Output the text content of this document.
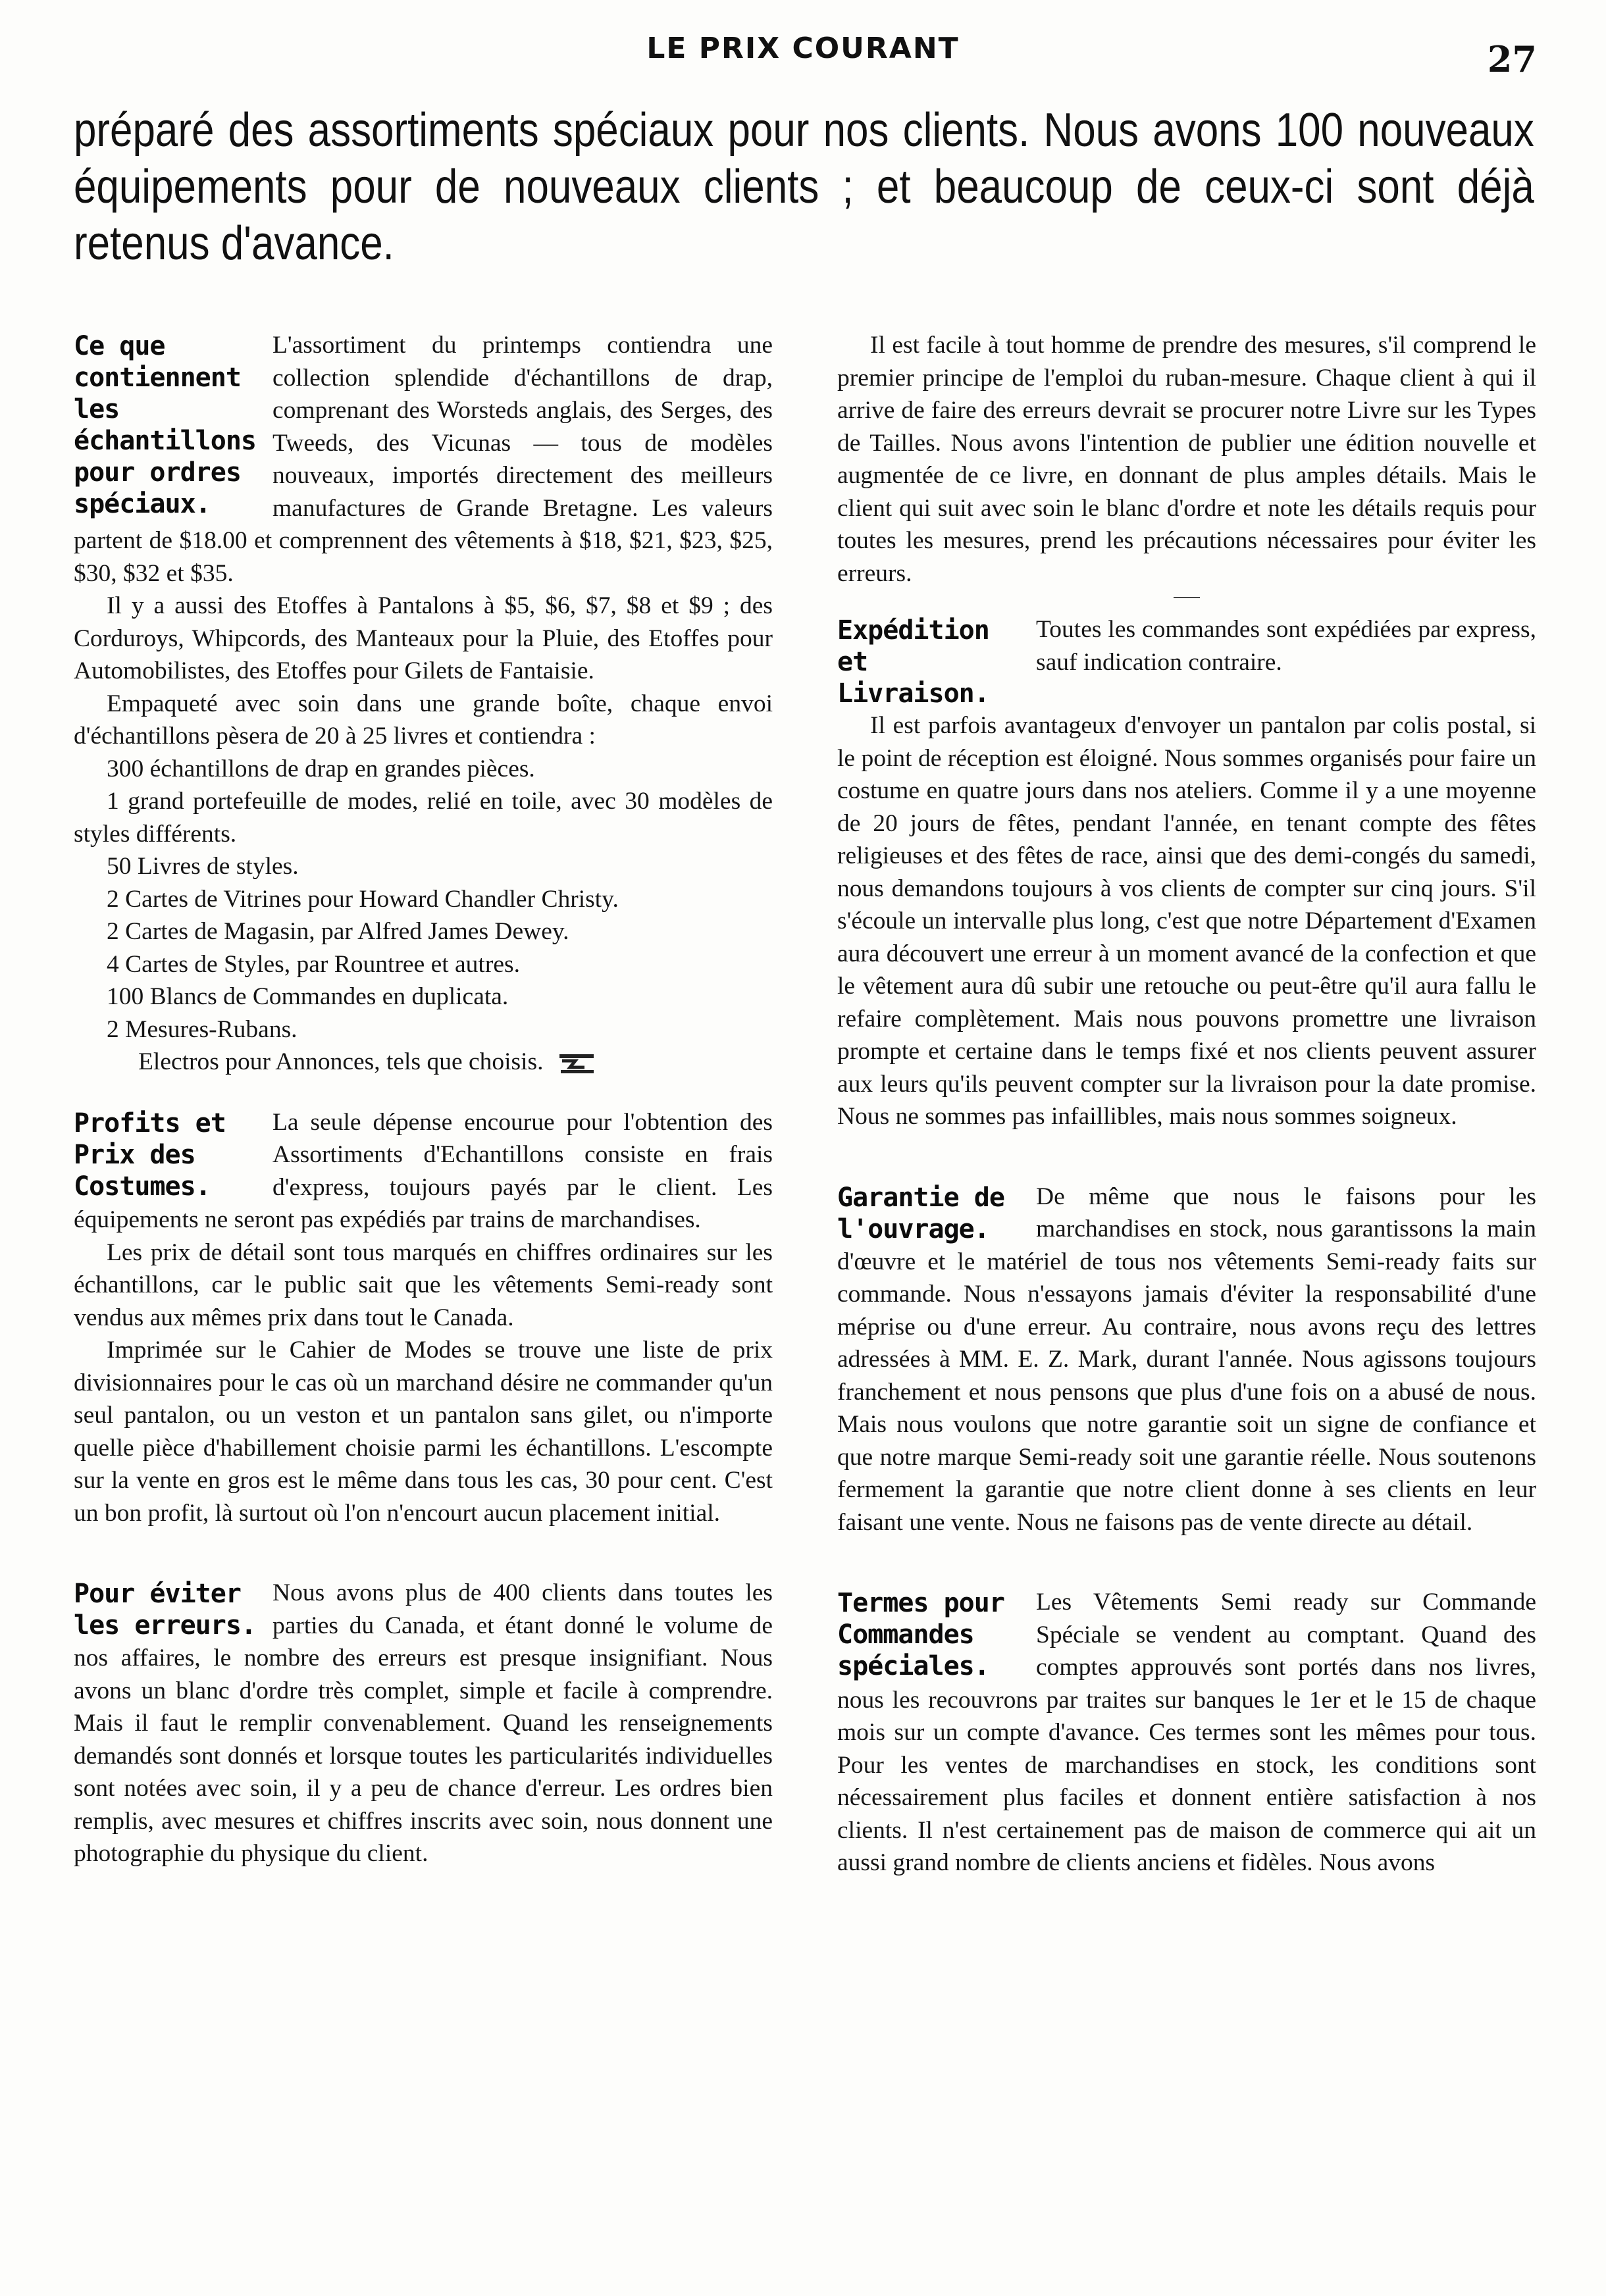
LE PRIX COURANT	27
préparé des assortiments spéciaux pour nos clients. Nous avons 100 nouveaux équipements pour de nouveaux clients ; et beaucoup de ceux-ci sont déjà retenus d'avance.
Ce que contiennent les échantillons pour ordres spéciaux.

L'assortiment du printemps contiendra une collection splendide d'échantillons de drap, comprenant des Worsteds anglais, des Serges, des Tweeds, des Vicunas — tous de modèles nouveaux, importés directement des meilleurs manufactures de Grande Bretagne. Les valeurs partent de $18.00 et comprennent des vêtements à $18, $21, $23, $25, $30, $32 et $35.

Il y a aussi des Etoffes à Pantalons à $5, $6, $7, $8 et $9 ; des Corduroys, Whipcords, des Manteaux pour la Pluie, des Etoffes pour Automobilistes, des Etoffes pour Gilets de Fantaisie.

Empaqueté avec soin dans une grande boîte, chaque envoi d'échantillons pèsera de 20 à 25 livres et contiendra :

300 échantillons de drap en grandes pièces.

1 grand portefeuille de modes, relié en toile, avec 30 modèles de styles différents.

50 Livres de styles.

2 Cartes de Vitrines pour Howard Chandler Christy.

2 Cartes de Magasin, par Alfred James Dewey.

4 Cartes de Styles, par Rountree et autres.

100 Blancs de Commandes en duplicata.

2 Mesures-Rubans.

Electros pour Annonces, tels que choisis.

Profits et Prix des Costumes.

La seule dépense encourue pour l'obtention des Assortiments d'Echantillons consiste en frais d'express, toujours payés par le client. Les équipements ne seront pas expédiés par trains de marchandises.

Les prix de détail sont tous marqués en chiffres ordinaires sur les échantillons, car le public sait que les vêtements Semi-ready sont vendus aux mêmes prix dans tout le Canada.

Imprimée sur le Cahier de Modes se trouve une liste de prix divisionnaires pour le cas où un marchand désire ne commander qu'un seul pantalon, ou un veston et un pantalon sans gilet, ou n'importe quelle pièce d'habillement choisie parmi les échantillons. L'escompte sur la vente en gros est le même dans tous les cas, 30 pour cent. C'est un bon profit, là surtout où l'on n'encourt aucun placement initial.

Pour éviter les erreurs.

Nous avons plus de 400 clients dans toutes les parties du Canada, et étant donné le volume de nos affaires, le nombre des erreurs est presque insignifiant. Nous avons un blanc d'ordre très complet, simple et facile à comprendre. Mais il faut le remplir convenablement. Quand les renseignements demandés sont donnés et lorsque toutes les particularités individuelles sont notées avec soin, il y a peu de chance d'erreur. Les ordres bien remplis, avec mesures et chiffres inscrits avec soin, nous donnent une photographie du physique du client.

Il est facile à tout homme de prendre des mesures, s'il comprend le premier principe de l'emploi du ruban-mesure. Chaque client à qui il arrive de faire des erreurs devrait se procurer notre Livre sur les Types de Tailles. Nous avons l'intention de publier une édition nouvelle et augmentée de ce livre, en donnant de plus amples détails. Mais le client qui suit avec soin le blanc d'ordre et note les détails requis pour toutes les mesures, prend les précautions nécessaires pour éviter les erreurs.

Expédition et Livraison.

Toutes les commandes sont expédiées par express, sauf indication contraire.

Il est parfois avantageux d'envoyer un pantalon par colis postal, si le point de réception est éloigné. Nous sommes organisés pour faire un costume en quatre jours dans nos ateliers. Comme il y a une moyenne de 20 jours de fêtes, pendant l'année, en tenant compte des fêtes religieuses et des fêtes de race, ainsi que des demi-congés du samedi, nous demandons toujours à vos clients de compter sur cinq jours. S'il s'écoule un intervalle plus long, c'est que notre Département d'Examen aura découvert une erreur à un moment avancé de la confection et que le vêtement aura dû subir une retouche ou peut-être qu'il aura fallu le refaire complètement. Mais nous pouvons promettre une livraison prompte et certaine dans le temps fixé et nos clients peuvent assurer aux leurs qu'ils peuvent compter sur la livraison pour la date promise. Nous ne sommes pas infaillibles, mais nous sommes soigneux.

Garantie de l'ouvrage.

De même que nous le faisons pour les marchandises en stock, nous garantissons la main d'œuvre et le matériel de tous nos vêtements Semi-ready faits sur commande. Nous n'essayons jamais d'éviter la responsabilité d'une méprise ou d'une erreur. Au contraire, nous avons reçu des lettres adressées à MM. E. Z. Mark, durant l'année. Nous agissons toujours franchement et nous pensons que plus d'une fois on a abusé de nous. Mais nous voulons que notre garantie soit un signe de confiance et que notre marque Semi-ready soit une garantie réelle. Nous soutenons fermement la garantie que notre client donne à ses clients en leur faisant une vente. Nous ne faisons pas de vente directe au détail.

Termes pour Commandes spéciales.

Les Vêtements Semi ready sur Commande Spéciale se vendent au comptant. Quand des comptes approuvés sont portés dans nos livres, nous les recouvrons par traites sur banques le 1er et le 15 de chaque mois sur un compte d'avance. Ces termes sont les mêmes pour tous. Pour les ventes de marchandises en stock, les conditions sont nécessairement plus faciles et donnent entière satisfaction à nos clients. Il n'est certainement pas de maison de commerce qui ait un aussi grand nombre de clients anciens et fidèles. Nous avons
